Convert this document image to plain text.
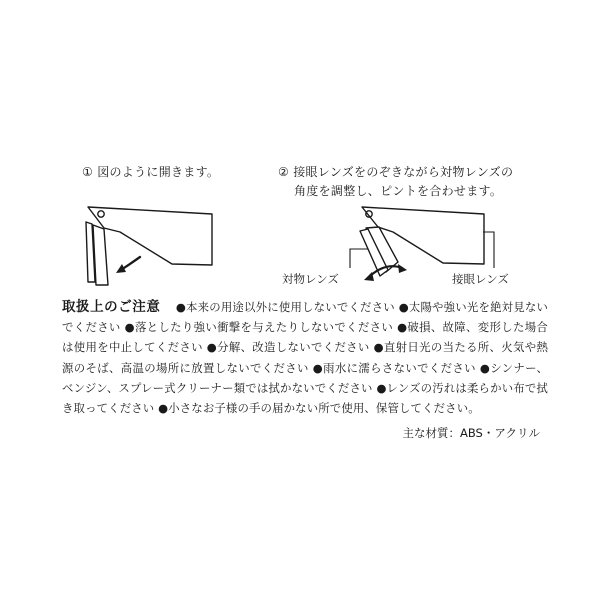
① 図のように開きます。	② 接眼レンズをのぞきながら対物レンズの
角度を調整し、ピントを合わせます。
対物レンズ	接眼レンズ
取扱上のご注意 　●本来の用途以外に使用しないでください ●太陽や強い光を絶対見ないでください ●落としたり強い衝撃を与えたりしないでください ●破損、故障、変形した場合は使用を中止してください ●分解、改造しないでください ●直射日光の当たる所、火気や熱源のそば、高温の場所に放置しないでください ●雨水に濡らさないでください ●シンナー、ベンジン、スプレー式クリーナー類では拭かないでください ●レンズの汚れは柔らかい布で拭き取ってください ●小さなお子様の手の届かない所で使用、保管してください。
主な材質：ABS・アクリル
